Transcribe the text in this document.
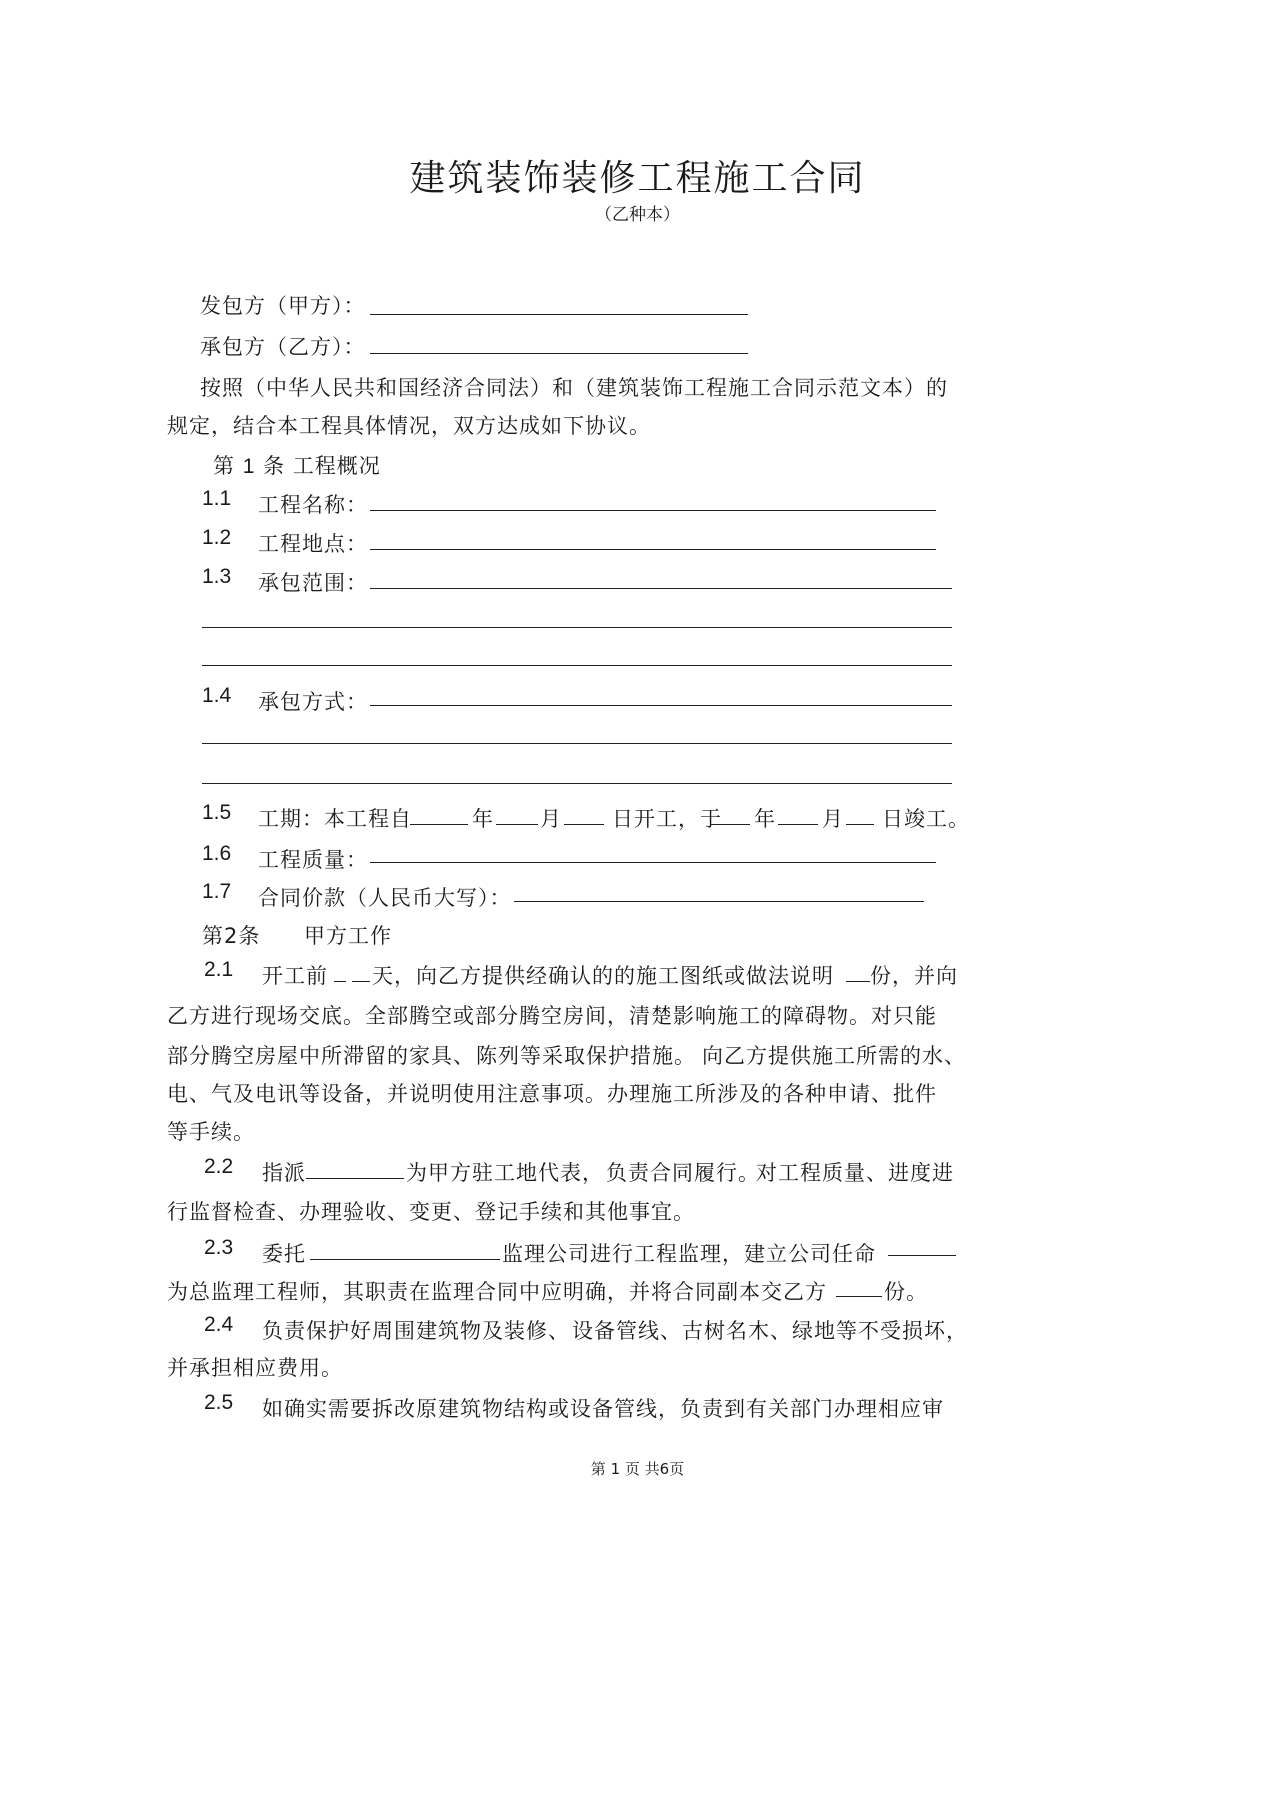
建筑装饰装修工程施工合同
（乙种本）
发包方（甲方）：
承包方（乙方）：
按照（中华人民共和国经济合同法）和（建筑装饰工程施工合同示范文本）的
规定，结合本工程具体情况，双方达成如下协议。
第 1 条 工程概况
1.1 工程名称：
1.2 工程地点：
1.3 承包范围：
1.4 承包方式：
1.5 工期：本工程自	年 月 日开工，于 年 月 日竣工。
1.6 工程质量：
1.7 合同价款（人民币大写）：
第2条 甲方工作
2.1 开工前 天，向乙方提供经确认的的施工图纸或做法说明 份，并向
乙方进行现场交底。全部腾空或部分腾空房间，清楚影响施工的障碍物。对只能
部分腾空房屋中所滞留的家具、 陈列等采取保护措施。 向乙方提供施工所需的水、
电、气及电讯等设备，并说明使用注意事项。办理施工所涉及的各种申请、批件
等手续。
2.2 指派	为甲方驻工地代表， 负责合同履行。
对工程质量、 进度进
行监督检查、办理验收、变更、登记手续和其他事宜。
2.3 委托	监理公司进行工程监理，建立公司任命
为总监理工程师，其职责在监理合同中应明确，并将合同副本交乙方	份。
2.4 负责保护好周围建筑物及装修、 设备管线、古树名木、绿地等不受损坏，
并承担相应费用。
2.5 如确实需要拆改原建筑物结构或设备管线，负责到有关部门办理相应审
第 1 页 共6页
